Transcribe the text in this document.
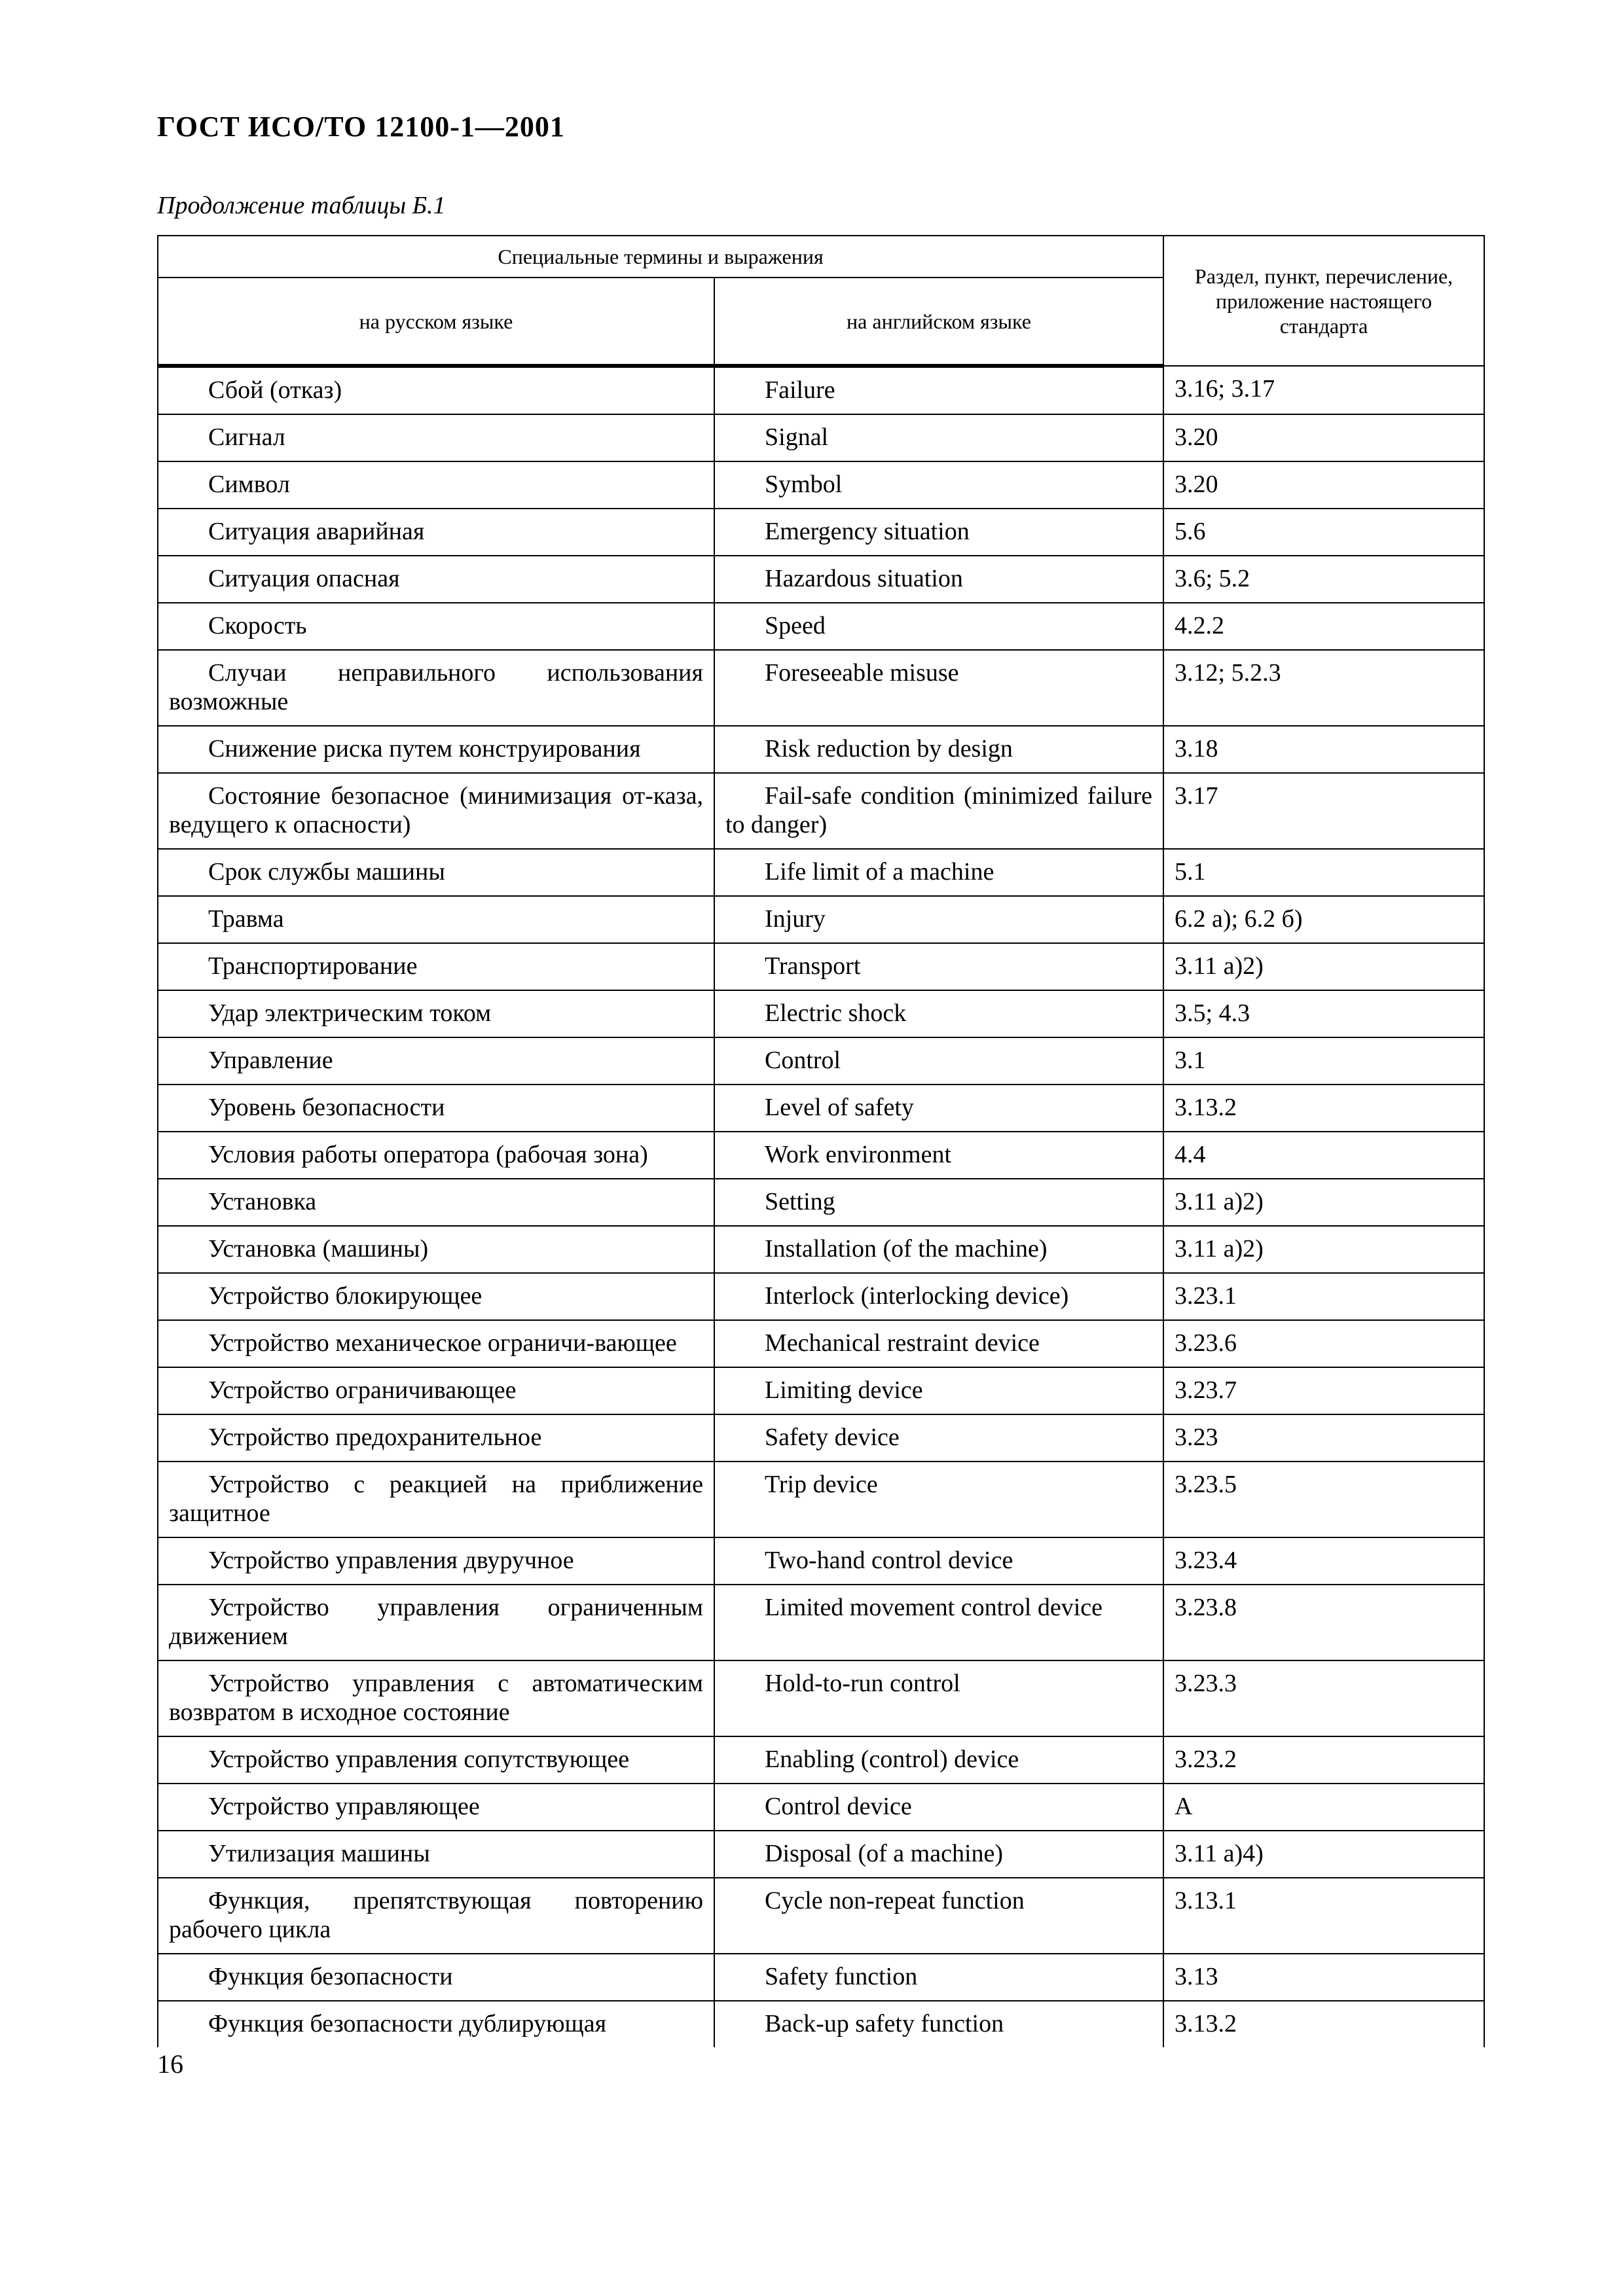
ГОСТ ИСО/ТО 12100-1—2001
Продолжение таблицы Б.1
Специальные термины и выражения		Раздел, пункт, перечисление, приложение настоящего стандарта
на русском языке	на английском языке	
Сбой (отказ)	Failure	3.16; 3.17
Сигнал	Signal	3.20
Символ	Symbol	3.20
Ситуация аварийная	Emergency situation	5.6
Ситуация опасная	Hazardous situation	3.6; 5.2
Скорость	Speed	4.2.2
Случаи неправильного использования возможные	Foreseeable misuse	3.12; 5.2.3
Снижение риска путем конструирования	Risk reduction by design	3.18
Состояние безопасное (минимизация от-каза, ведущего к опасности)	Fail-safe condition (minimized failure to danger)	3.17
Срок службы машины	Life limit of a machine	5.1
Травма	Injury	6.2 а); 6.2 б)
Транспортирование	Transport	3.11 а)2)
Удар электрическим током	Electric shock	3.5; 4.3
Управление	Control	3.1
Уровень безопасности	Level of safety	3.13.2
Условия работы оператора (рабочая зона)	Work environment	4.4
Установка	Setting	3.11 а)2)
Установка (машины)	Installation (of the machine)	3.11 а)2)
Устройство блокирующее	Interlock (interlocking device)	3.23.1
Устройство механическое ограничи-вающее	Mechanical restraint device	3.23.6
Устройство ограничивающее	Limiting device	3.23.7
Устройство предохранительное	Safety device	3.23
Устройство с реакцией на приближение защитное	Trip device	3.23.5
Устройство управления двуручное	Two-hand control device	3.23.4
Устройство управления ограниченным движением	Limited movement control device	3.23.8
Устройство управления с автоматическим возвратом в исходное состояние	Hold-to-run control	3.23.3
Устройство управления сопутствующее	Enabling (control) device	3.23.2
Устройство управляющее	Control device	A
Утилизация машины	Disposal (of a machine)	3.11 а)4)
Функция, препятствующая повторению рабочего цикла	Cycle non-repeat function	3.13.1
Функция безопасности	Safety function	3.13
Функция безопасности дублирующая	Back-up safety function	3.13.2
16
